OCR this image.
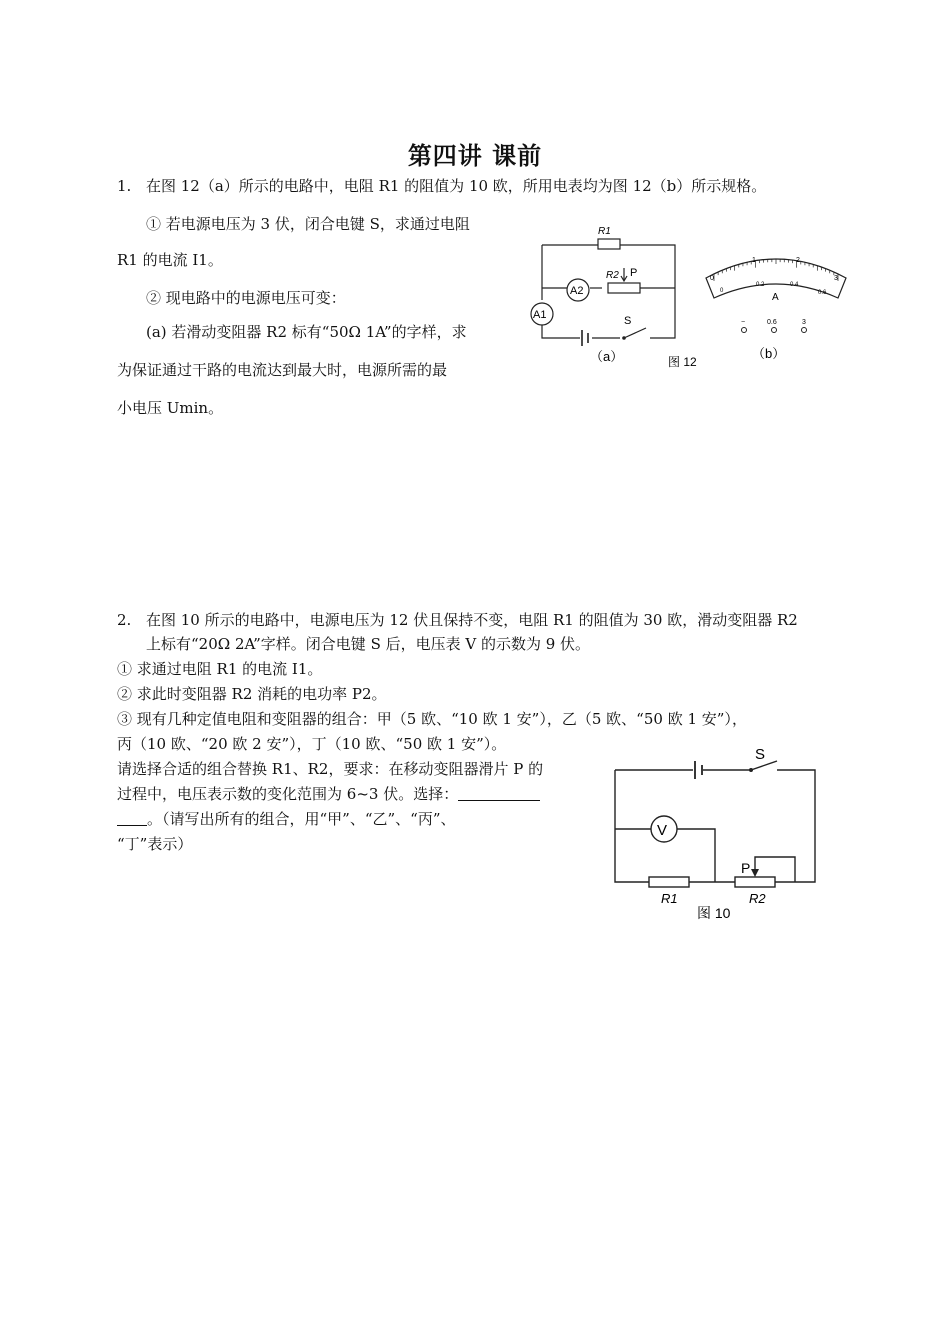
第四讲 课前
1. 在图 12（a）所示的电路中，电阻 R1 的阻值为 10 欧，所用电表均为图 12（b）所示规格。
① 若电源电压为 3 伏，闭合电键 S，求通过电阻
R1 的电流 I1。
② 现电路中的电源电压可变：
(a) 若滑动变阻器 R2 标有“50Ω 1A”的字样，求
为保证通过干路的电流达到最大时，电源所需的最
小电压 Umin。
R1
R2 P
A2
A1	S
（a）	图 12
0
1	2
3
0
0.2	0.4
0.6
A
−	0.6	3
（b）
2. 在图 10 所示的电路中，电源电压为 12 伏且保持不变，电阻 R1 的阻值为 30 欧，滑动变阻器 R2
上标有“20Ω 2A”字样。闭合电键 S 后，电压表 V 的示数为 9 伏。
① 求通过电阻 R1 的电流 I1。
② 求此时变阻器 R2 消耗的电功率 P2。
③ 现有几种定值电阻和变阻器的组合：甲（5 欧、“10 欧 1 安”），乙（5 欧、“50 欧 1 安”），
丙（10 欧、“20 欧 2 安”），丁（10 欧、“50 欧 1 安”）。
请选择合适的组合替换 R1、R2，要求：在移动变阻器滑片 P 的
过程中，电压表示数的变化范围为 6~3 伏。选择：
。（请写出所有的组合，用“甲”、“乙”、“丙”、
“丁”表示）
S
V
P
R1	R2
图 10
